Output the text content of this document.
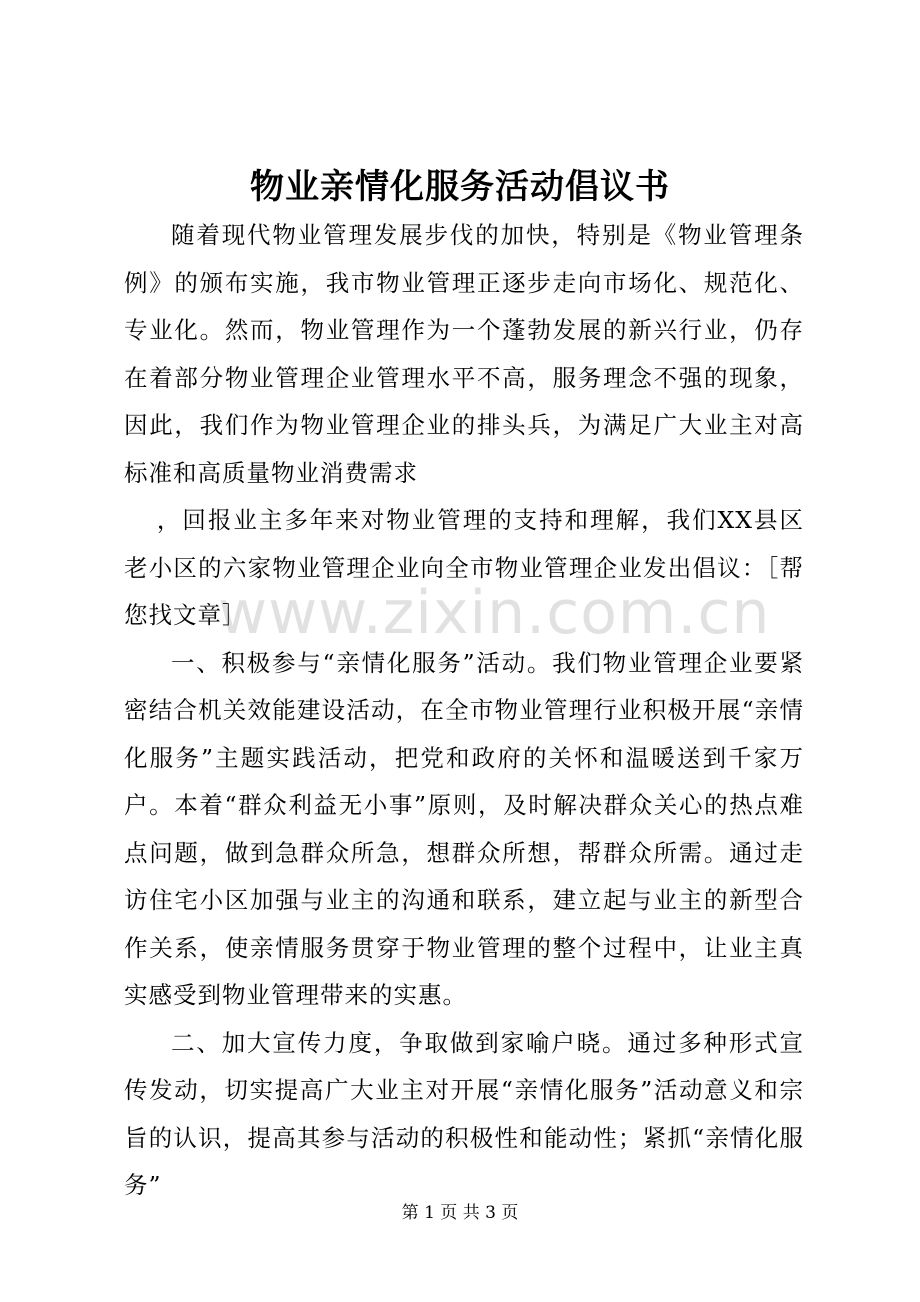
www.zixin.com.cn
物业亲情化服务活动倡议书

随着现代物业管理发展步伐的加快，特别是《物业管理条例》的颁布实施，我市物业管理正逐步走向市场化、规范化、专业化。然而，物业管理作为一个蓬勃发展的新兴行业，仍存在着部分物业管理企业管理水平不高，服务理念不强的现象，因此，我们作为物业管理企业的排头兵，为满足广大业主对高标准和高质量物业消费需求

，回报业主多年来对物业管理的支持和理解，我们XX县区老小区的六家物业管理企业向全市物业管理企业发出倡议：［帮您找文章］

一、积极参与“亲情化服务”活动。我们物业管理企业要紧密结合机关效能建设活动，在全市物业管理行业积极开展“亲情化服务”主题实践活动，把党和政府的关怀和温暖送到千家万户。本着“群众利益无小事”原则，及时解决群众关心的热点难点问题，做到急群众所急，想群众所想，帮群众所需。通过走访住宅小区加强与业主的沟通和联系，建立起与业主的新型合作关系，使亲情服务贯穿于物业管理的整个过程中，让业主真实感受到物业管理带来的实惠。

二、加大宣传力度，争取做到家喻户晓。通过多种形式宣传发动，切实提高广大业主对开展“亲情化服务”活动意义和宗旨的认识，提高其参与活动的积极性和能动性；紧抓“亲情化服务”

第 1 页 共 3 页
